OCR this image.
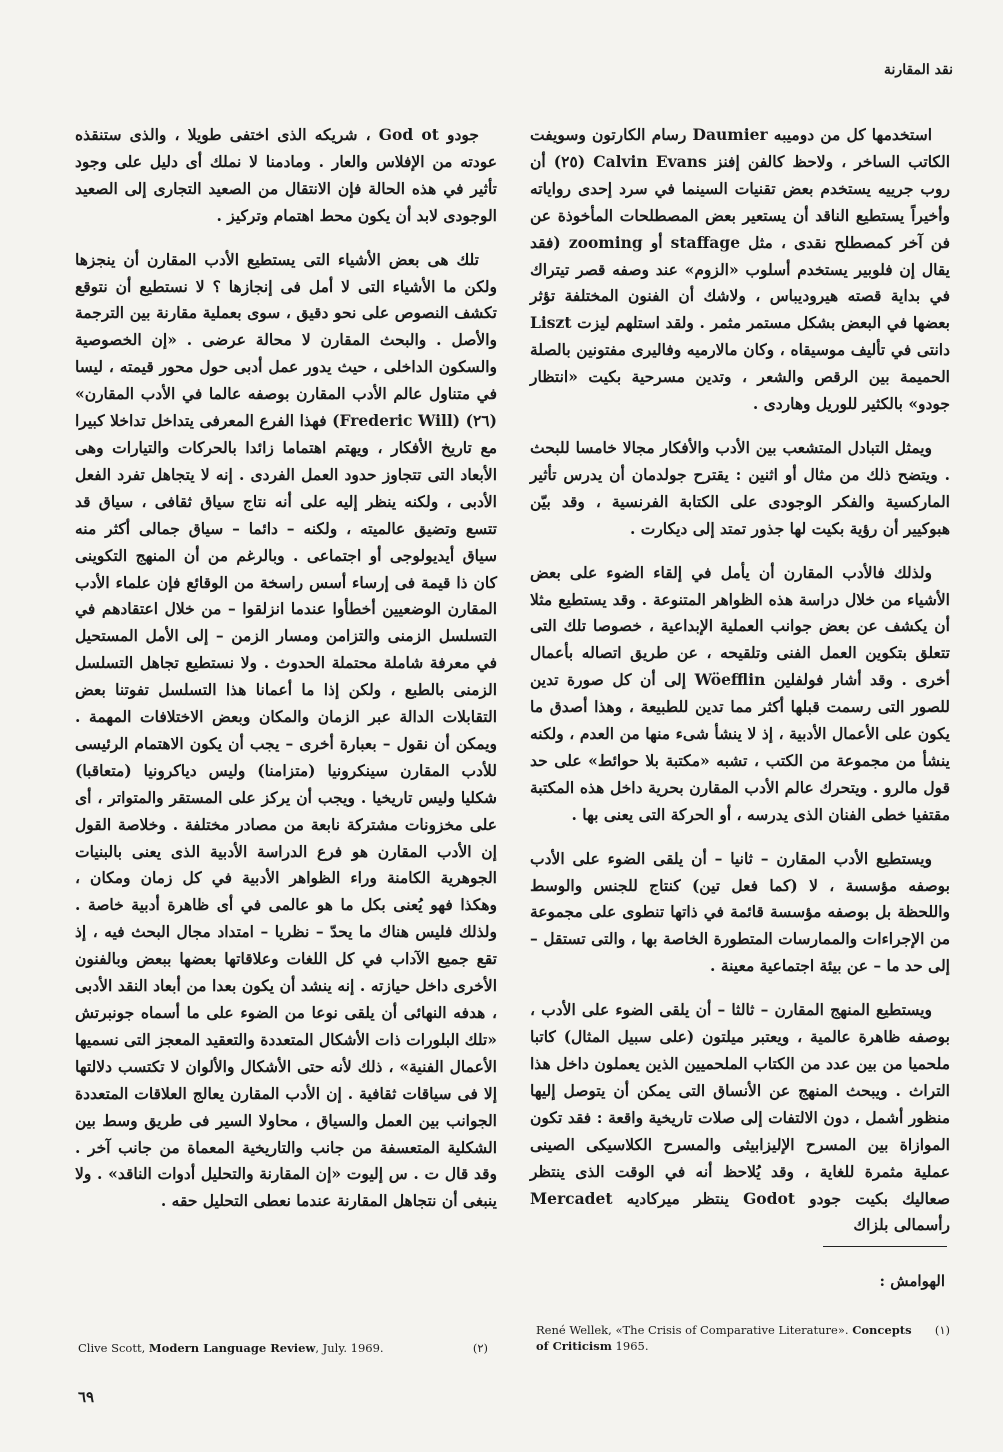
نقد المقارنة

استخدمها كل من دوميبه Daumier رسام الكارتون وسويفت الكاتب الساخر ، ولاحظ كالفن إفنز Calvin Evans (٢٥) أن روب جرييه يستخدم بعض تقنيات السينما في سرد إحدى رواياته وأخيراً يستطيع الناقد أن يستعير بعض المصطلحات المأخوذة عن فن آخر كمصطلح نقدى ، مثل staffage أو zooming (فقد يقال إن فلوبير يستخدم أسلوب «الزوم» عند وصفه قصر تيتراك في بداية قصته هيروديباس ، ولاشك أن الفنون المختلفة تؤثر بعضها في البعض بشكل مستمر مثمر . ولقد استلهم ليزت Liszt دانتى في تأليف موسيقاه ، وكان مالارميه وفاليرى مفتونين بالصلة الحميمة بين الرقص والشعر ، وتدين مسرحية بكيت «انتظار جودو» بالكثير للوريل وهاردى .

ويمثل التبادل المتشعب بين الأدب والأفكار مجالا خامسا للبحث . ويتضح ذلك من مثال أو اثنين : يقترح جولدمان أن يدرس تأثير الماركسية والفكر الوجودى على الكتابة الفرنسية ، وقد بيّن هبوكيير أن رؤية بكيت لها جذور تمتد إلى ديكارت .

ولذلك فالأدب المقارن أن يأمل في إلقاء الضوء على بعض الأشياء من خلال دراسة هذه الظواهر المتنوعة . وقد يستطيع مثلا أن يكشف عن بعض جوانب العملية الإبداعية ، خصوصا تلك التى تتعلق بتكوين العمل الفنى وتلقيحه ، عن طريق اتصاله بأعمال أخرى . وقد أشار فولفلين Wöefflin إلى أن كل صورة تدين للصور التى رسمت قبلها أكثر مما تدين للطبيعة ، وهذا أصدق ما يكون على الأعمال الأدبية ، إذ لا ينشأ شىء منها من العدم ، ولكنه ينشأ من مجموعة من الكتب ، تشبه «مكتبة بلا حوائط» على حد قول مالرو . ويتحرك عالم الأدب المقارن بحرية داخل هذه المكتبة مقتفيا خطى الفنان الذى يدرسه ، أو الحركة التى يعنى بها .

ويستطيع الأدب المقارن – ثانيا – أن يلقى الضوء على الأدب بوصفه مؤسسة ، لا (كما فعل تين) كنتاج للجنس والوسط واللحظة بل بوصفه مؤسسة قائمة في ذاتها تنطوى على مجموعة من الإجراءات والممارسات المتطورة الخاصة بها ، والتى تستقل – إلى حد ما – عن بيئة اجتماعية معينة .

ويستطيع المنهج المقارن – ثالثا – أن يلقى الضوء على الأدب ، بوصفه ظاهرة عالمية ، ويعتبر ميلتون (على سبيل المثال) كاتبا ملحميا من بين عدد من الكتاب الملحميين الذين يعملون داخل هذا التراث . ويبحث المنهج عن الأنساق التى يمكن أن يتوصل إليها منظور أشمل ، دون الالتفات إلى صلات تاريخية واقعة : فقد تكون الموازاة بين المسرح الإليزابيثى والمسرح الكلاسيكى الصينى عملية مثمرة للغاية ، وقد يُلاحظ أنه في الوقت الذى ينتظر صعاليك بكيت جودو Godot ينتظر ميركاديه Mercadet رأسمالى بلزاك

جودو God ot ، شريكه الذى اختفى طويلا ، والذى ستنقذه عودته من الإفلاس والعار . ومادمنا لا نملك أى دليل على وجود تأثير في هذه الحالة فإن الانتقال من الصعيد التجارى إلى الصعيد الوجودى لابد أن يكون محط اهتمام وتركيز .

تلك هى بعض الأشياء التى يستطيع الأدب المقارن أن ينجزها ولكن ما الأشياء التى لا أمل فى إنجازها ؟ لا نستطيع أن نتوقع تكشف النصوص على نحو دقيق ، سوى بعملية مقارنة بين الترجمة والأصل . والبحث المقارن لا محالة عرضى . «إن الخصوصية والسكون الداخلى ، حيث يدور عمل أدبى حول محور قيمته ، ليسا في متناول عالم الأدب المقارن بوصفه عالما في الأدب المقارن» (٢٦) (Frederic Will) فهذا الفرع المعرفى يتداخل تداخلا كبيرا مع تاريخ الأفكار ، ويهتم اهتماما زائدا بالحركات والتيارات وهى الأبعاد التى تتجاوز حدود العمل الفردى . إنه لا يتجاهل تفرد الفعل الأدبى ، ولكنه ينظر إليه على أنه نتاج سياق ثقافى ، سياق قد تتسع وتضيق عالميته ، ولكنه – دائما – سياق جمالى أكثر منه سياق أيديولوجى أو اجتماعى . وبالرغم من أن المنهج التكوينى كان ذا قيمة فى إرساء أسس راسخة من الوقائع فإن علماء الأدب المقارن الوضعيين أخطأوا عندما انزلقوا – من خلال اعتقادهم في التسلسل الزمنى والتزامن ومسار الزمن – إلى الأمل المستحيل في معرفة شاملة محتملة الحدوث . ولا نستطيع تجاهل التسلسل الزمنى بالطبع ، ولكن إذا ما أعمانا هذا التسلسل تفوتنا بعض التقابلات الدالة عبر الزمان والمكان وبعض الاختلافات المهمة . ويمكن أن نقول – بعبارة أخرى – يجب أن يكون الاهتمام الرئيسى للأدب المقارن سينكرونيا (متزامنا) وليس دياكرونيا (متعاقبا) شكليا وليس تاريخيا . ويجب أن يركز على المستقر والمتواتر ، أى على مخزونات مشتركة نابعة من مصادر مختلفة . وخلاصة القول إن الأدب المقارن هو فرع الدراسة الأدبية الذى يعنى بالبنيات الجوهرية الكامنة وراء الظواهر الأدبية في كل زمان ومكان ، وهكذا فهو يُعنى بكل ما هو عالمى في أى ظاهرة أدبية خاصة . ولذلك فليس هناك ما يحدّ – نظريا – امتداد مجال البحث فيه ، إذ تقع جميع الآداب في كل اللغات وعلاقاتها بعضها ببعض وبالفنون الأخرى داخل حيازته . إنه ينشد أن يكون بعدا من أبعاد النقد الأدبى ، هدفه النهائى أن يلقى نوعا من الضوء على ما أسماه جونبرتش «تلك البلورات ذات الأشكال المتعددة والتعقيد المعجز التى نسميها الأعمال الفنية» ، ذلك لأنه حتى الأشكال والألوان لا تكتسب دلالتها إلا فى سياقات ثقافية . إن الأدب المقارن يعالج العلاقات المتعددة الجوانب بين العمل والسياق ، محاولا السير فى طريق وسط بين الشكلية المتعسفة من جانب والتاريخية المعماة من جانب آخر . وقد قال ت . س إليوت «إن المقارنة والتحليل أدوات الناقد» . ولا ينبغى أن نتجاهل المقارنة عندما نعطى التحليل حقه .

الهوامش :
(١)
René Wellek, «The Crisis of Comparative Literature». Concepts of Criticism 1965.
(٢)
Clive Scott, Modern Language Review, July. 1969.
٦٩
